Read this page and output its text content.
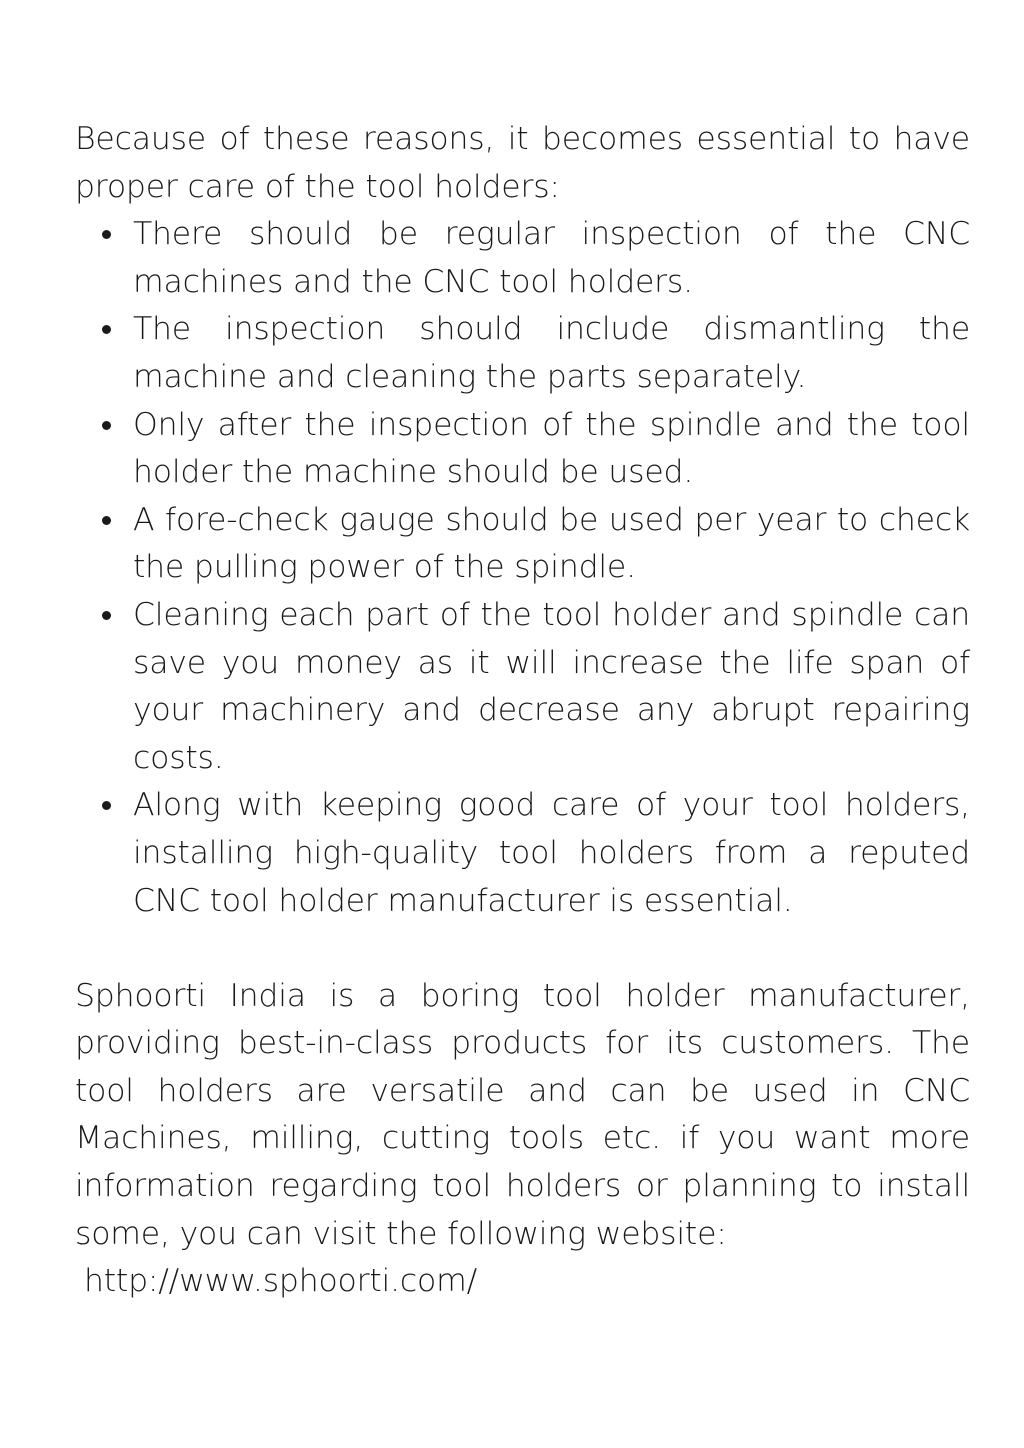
Because of these reasons, it becomes essential to have proper care of the tool holders:

There should be regular inspection of the CNC machines and the CNC tool holders.
The inspection should include dismantling the machine and cleaning the parts separately.
Only after the inspection of the spindle and the tool holder the machine should be used.
A fore-check gauge should be used per year to check the pulling power of the spindle.
Cleaning each part of the tool holder and spindle can save you money as it will increase the life span of your machinery and decrease any abrupt repairing costs.
Along with keeping good care of your tool holders, installing high-quality tool holders from a reputed CNC tool holder manufacturer is essential.

Sphoorti India is a boring tool holder manufacturer, providing best-in-class products for its customers. The tool holders are versatile and can be used in CNC Machines, milling, cutting tools etc. if you want more information regarding tool holders or planning to install some, you can visit the following website:

http://www.sphoorti.com/
